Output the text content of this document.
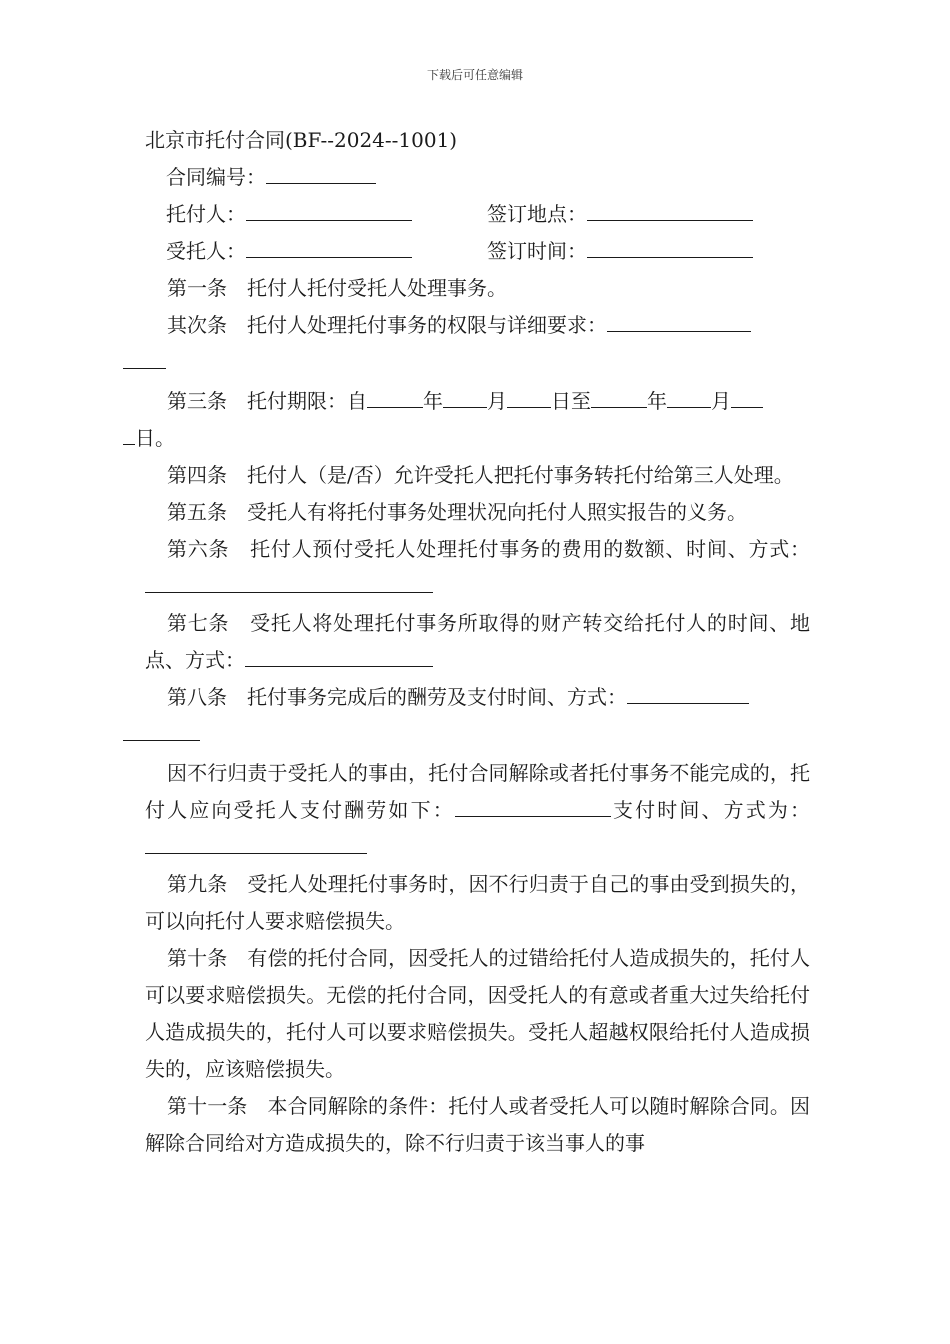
下载后可任意编辑
北京市托付合同(BF--2024--1001)
合同编号：
托付人：	签订地点：
受托人：	签订时间：

第一条　托付人托付受托人处理事务。

其次条　托付人处理托付事务的权限与详细要求：

第三条　托付期限：自	年 月 日至	年 月
日。

第四条　托付人（是/否）允许受托人把托付事务转托付给第三人处理。

第五条　受托人有将托付事务处理状况向托付人照实报告的义务。

第六条　托付人预付受托人处理托付事务的费用的数额、时间、方式：

第七条　受托人将处理托付事务所取得的财产转交给托付人的时间、地点、方式：

第八条　托付事务完成后的酬劳及支付时间、方式：

因不行归责于受托人的事由，托付合同解除或者托付事务不能完成的，托付人应向受托人支付酬劳如下：	支付时间、方式为：

第九条　受托人处理托付事务时，因不行归责于自己的事由受到损失的，可以向托付人要求赔偿损失。

第十条　有偿的托付合同，因受托人的过错给托付人造成损失的，托付人可以要求赔偿损失。无偿的托付合同，因受托人的有意或者重大过失给托付人造成损失的，托付人可以要求赔偿损失。受托人超越权限给托付人造成损失的，应该赔偿损失。

第十一条　本合同解除的条件：托付人或者受托人可以随时解除合同。因解除合同给对方造成损失的，除不行归责于该当事人的事
